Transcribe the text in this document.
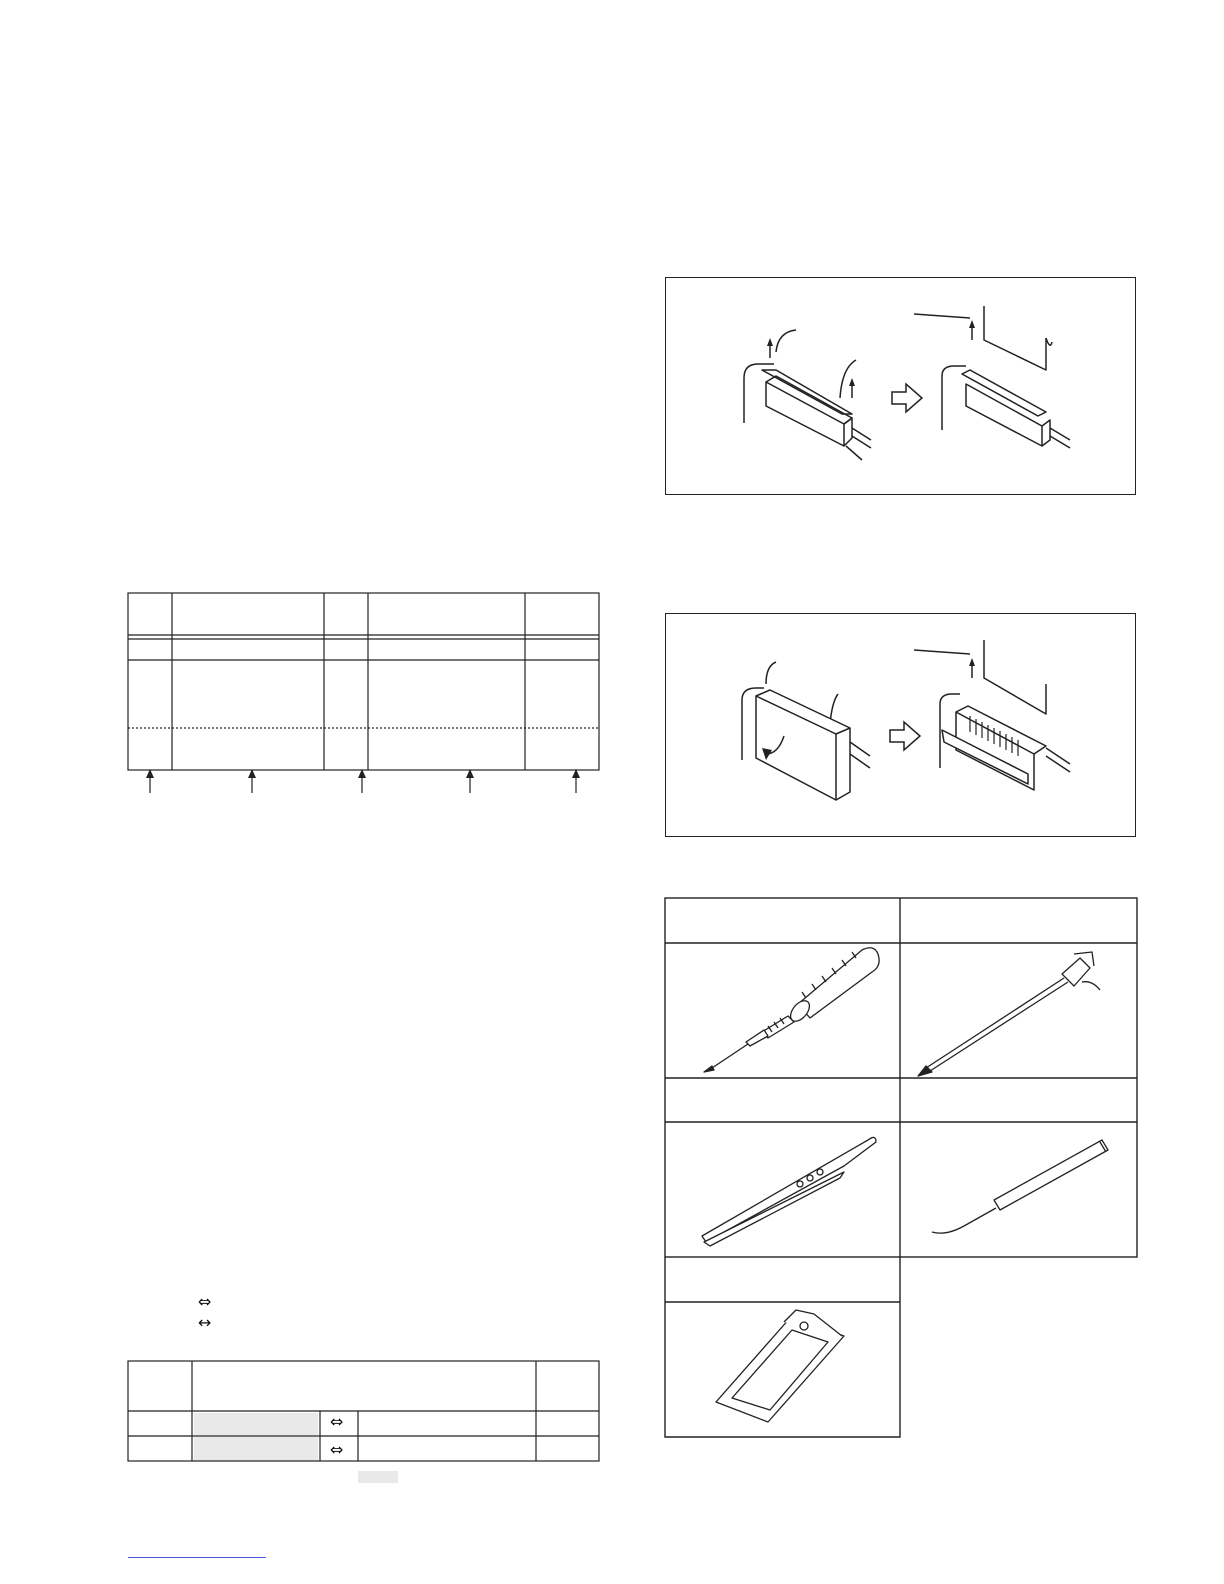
⇔
↔
⇔
⇔
